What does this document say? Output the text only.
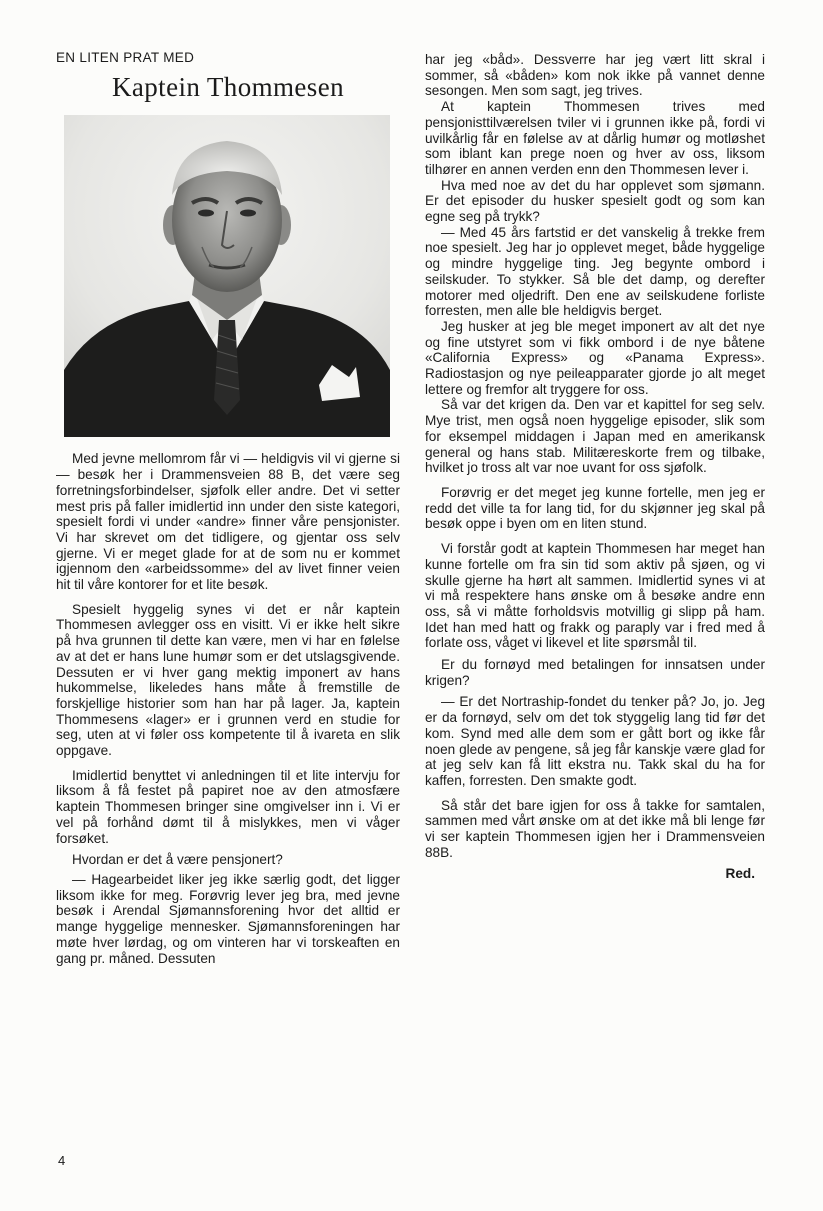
EN LITEN PRAT MED
Kaptein Thommesen

Med jevne mellomrom får vi — heldigvis vil vi gjerne si — besøk her i Drammensveien 88 B, det være seg forretningsforbindelser, sjøfolk eller andre. Det vi setter mest pris på faller imidlertid inn under den siste kategori, spesielt fordi vi under «andre» finner våre pensjonister. Vi har skrevet om det tidligere, og gjentar oss selv gjerne. Vi er meget glade for at de som nu er kommet igjennom den «arbeidssomme» del av livet finner veien hit til våre kontorer for et lite besøk.

Spesielt hyggelig synes vi det er når kaptein Thommesen avlegger oss en visitt. Vi er ikke helt sikre på hva grunnen til dette kan være, men vi har en følelse av at det er hans lune humør som er det utslagsgivende. Dessuten er vi hver gang mektig imponert av hans hukommelse, likeledes hans måte å fremstille de forskjellige historier som han har på lager. Ja, kaptein Thommesens «lager» er i grunnen verd en studie for seg, uten at vi føler oss kompetente til å ivareta en slik oppgave.

Imidlertid benyttet vi anledningen til et lite intervju for liksom å få festet på papiret noe av den atmosfære kaptein Thommesen bringer sine omgivelser inn i. Vi er vel på forhånd dømt til å mislykkes, men vi våger forsøket.

Hvordan er det å være pensjonert?

— Hagearbeidet liker jeg ikke særlig godt, det ligger liksom ikke for meg. Forøvrig lever jeg bra, med jevne besøk i Arendal Sjømannsforening hvor det alltid er mange hyggelige mennesker. Sjømannsforeningen har møte hver lørdag, og om vinteren har vi torskeaften en gang pr. måned. Dessuten

har jeg «båd». Dessverre har jeg vært litt skral i sommer, så «båden» kom nok ikke på vannet denne sesongen. Men som sagt, jeg trives.

At kaptein Thommesen trives med pensjonisttilværelsen tviler vi i grunnen ikke på, fordi vi uvilkårlig får en følelse av at dårlig humør og motløshet som iblant kan prege noen og hver av oss, liksom tilhører en annen verden enn den Thommesen lever i.

Hva med noe av det du har opplevet som sjømann. Er det episoder du husker spesielt godt og som kan egne seg på trykk?

— Med 45 års fartstid er det vanskelig å trekke frem noe spesielt. Jeg har jo opplevet meget, både hyggelige og mindre hyggelige ting. Jeg begynte ombord i seilskuder. To stykker. Så ble det damp, og derefter motorer med oljedrift. Den ene av seilskudene forliste forresten, men alle ble heldigvis berget.

Jeg husker at jeg ble meget imponert av alt det nye og fine utstyret som vi fikk ombord i de nye båtene «California Express» og «Panama Express». Radiostasjon og nye peileapparater gjorde jo alt meget lettere og fremfor alt tryggere for oss.

Så var det krigen da. Den var et kapittel for seg selv. Mye trist, men også noen hyggelige episoder, slik som for eksempel middagen i Japan med en amerikansk general og hans stab. Militæreskorte frem og tilbake, hvilket jo tross alt var noe uvant for oss sjøfolk.

Forøvrig er det meget jeg kunne fortelle, men jeg er redd det ville ta for lang tid, for du skjønner jeg skal på besøk oppe i byen om en liten stund.

Vi forstår godt at kaptein Thommesen har meget han kunne fortelle om fra sin tid som aktiv på sjøen, og vi skulle gjerne ha hørt alt sammen. Imidlertid synes vi at vi må respektere hans ønske om å besøke andre enn oss, så vi måtte forholdsvis motvillig gi slipp på ham. Idet han med hatt og frakk og paraply var i fred med å forlate oss, våget vi likevel et lite spørsmål til.

Er du fornøyd med betalingen for innsatsen under krigen?

— Er det Nortraship-fondet du tenker på? Jo, jo. Jeg er da fornøyd, selv om det tok styggelig lang tid før det kom. Synd med alle dem som er gått bort og ikke får noen glede av pengene, så jeg får kanskje være glad for at jeg selv kan få litt ekstra nu. Takk skal du ha for kaffen, forresten. Den smakte godt.

Så står det bare igjen for oss å takke for samtalen, sammen med vårt ønske om at det ikke må bli lenge før vi ser kaptein Thommesen igjen her i Drammensveien 88B.

Red.
4
